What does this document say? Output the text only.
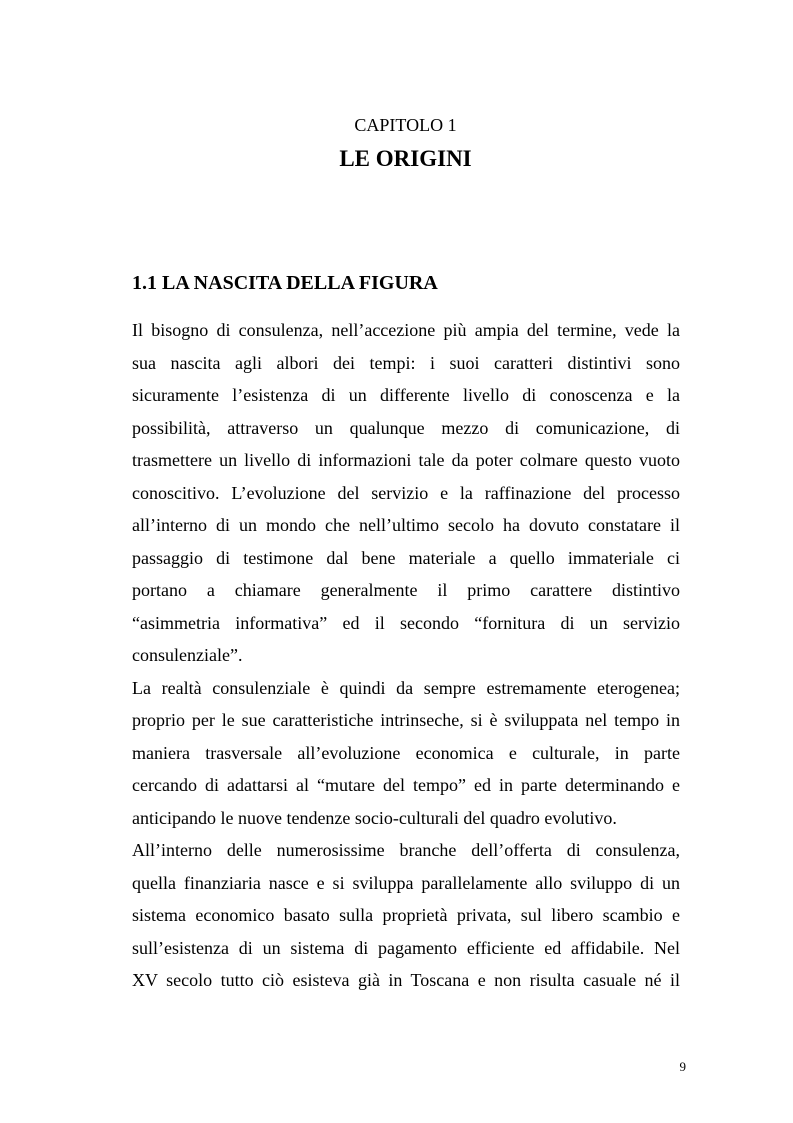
CAPITOLO 1
LE ORIGINI
1.1 LA NASCITA DELLA FIGURA
Il bisogno di consulenza, nell’accezione più ampia del termine, vede la
sua nascita agli albori dei tempi: i suoi caratteri distintivi sono
sicuramente l’esistenza di un differente livello di conoscenza e la
possibilità, attraverso un qualunque mezzo di comunicazione, di
trasmettere un livello di informazioni tale da poter colmare questo vuoto
conoscitivo. L’evoluzione del servizio e la raffinazione del processo
all’interno di un mondo che nell’ultimo secolo ha dovuto constatare il
passaggio di testimone dal bene materiale a quello immateriale ci
portano a chiamare generalmente il primo carattere distintivo
“asimmetria informativa” ed il secondo “fornitura di un servizio
consulenziale”.
La realtà consulenziale è quindi da sempre estremamente eterogenea;
proprio per le sue caratteristiche intrinseche, si è sviluppata nel tempo in
maniera trasversale all’evoluzione economica e culturale, in parte
cercando di adattarsi al “mutare del tempo” ed in parte determinando e
anticipando le nuove tendenze socio-culturali del quadro evolutivo.
All’interno delle numerosissime branche dell’offerta di consulenza,
quella finanziaria nasce e si sviluppa parallelamente allo sviluppo di un
sistema economico basato sulla proprietà privata, sul libero scambio e
sull’esistenza di un sistema di pagamento efficiente ed affidabile. Nel
XV secolo tutto ciò esisteva già in Toscana e non risulta casuale né il
9
